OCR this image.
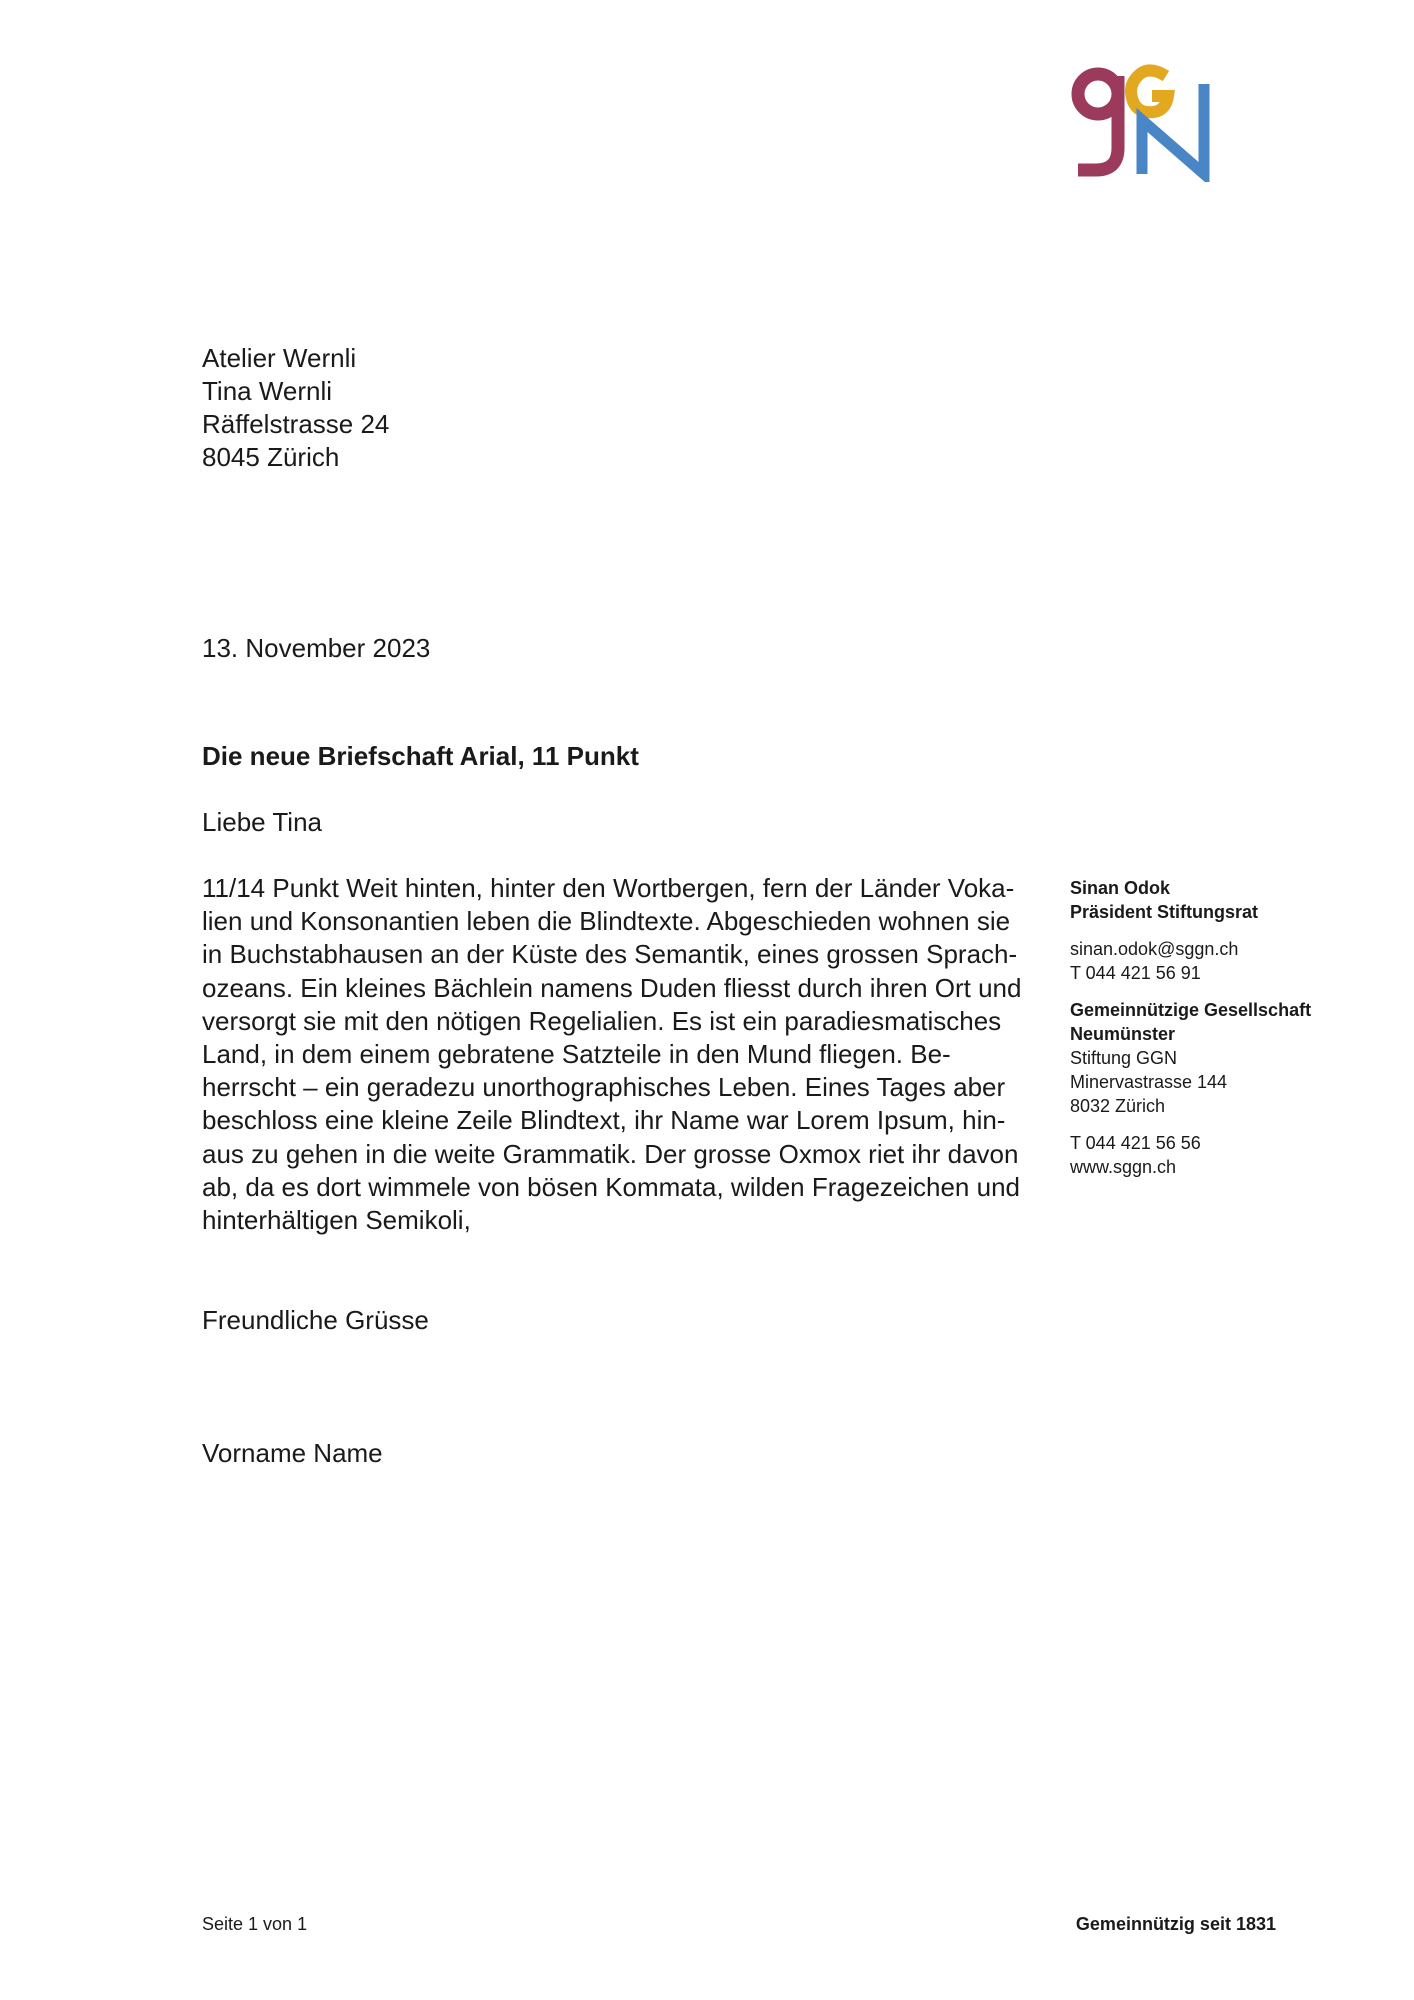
Atelier Wernli
Tina Wernli
Räffelstrasse 24
8045 Zürich
13. November 2023
Die neue Briefschaft Arial, 11 Punkt
Liebe Tina
11/14 Punkt Weit hinten, hinter den Wortbergen, fern der Länder Voka-
lien und Konsonantien leben die Blindtexte. Abgeschieden wohnen sie
in Buchstabhausen an der Küste des Semantik, eines grossen Sprach-
ozeans. Ein kleines Bächlein namens Duden fliesst durch ihren Ort und
versorgt sie mit den nötigen Regelialien. Es ist ein paradiesmatisches
Land, in dem einem gebratene Satzteile in den Mund fliegen. Be-
herrscht – ein geradezu unorthographisches Leben. Eines Tages aber
beschloss eine kleine Zeile Blindtext, ihr Name war Lorem Ipsum, hin-
aus zu gehen in die weite Grammatik. Der grosse Oxmox riet ihr davon
ab, da es dort wimmele von bösen Kommata, wilden Fragezeichen und
hinterhältigen Semikoli,
Freundliche Grüsse
Vorname Name
Sinan Odok
Präsident Stiftungsrat
sinan.odok@sggn.ch
T 044 421 56 91
Gemeinnützige Gesellschaft
Neumünster
Stiftung GGN
Minervastrasse 144
8032 Zürich
T 044 421 56 56
www.sggn.ch
Seite 1 von 1	Gemeinnützig seit 1831
